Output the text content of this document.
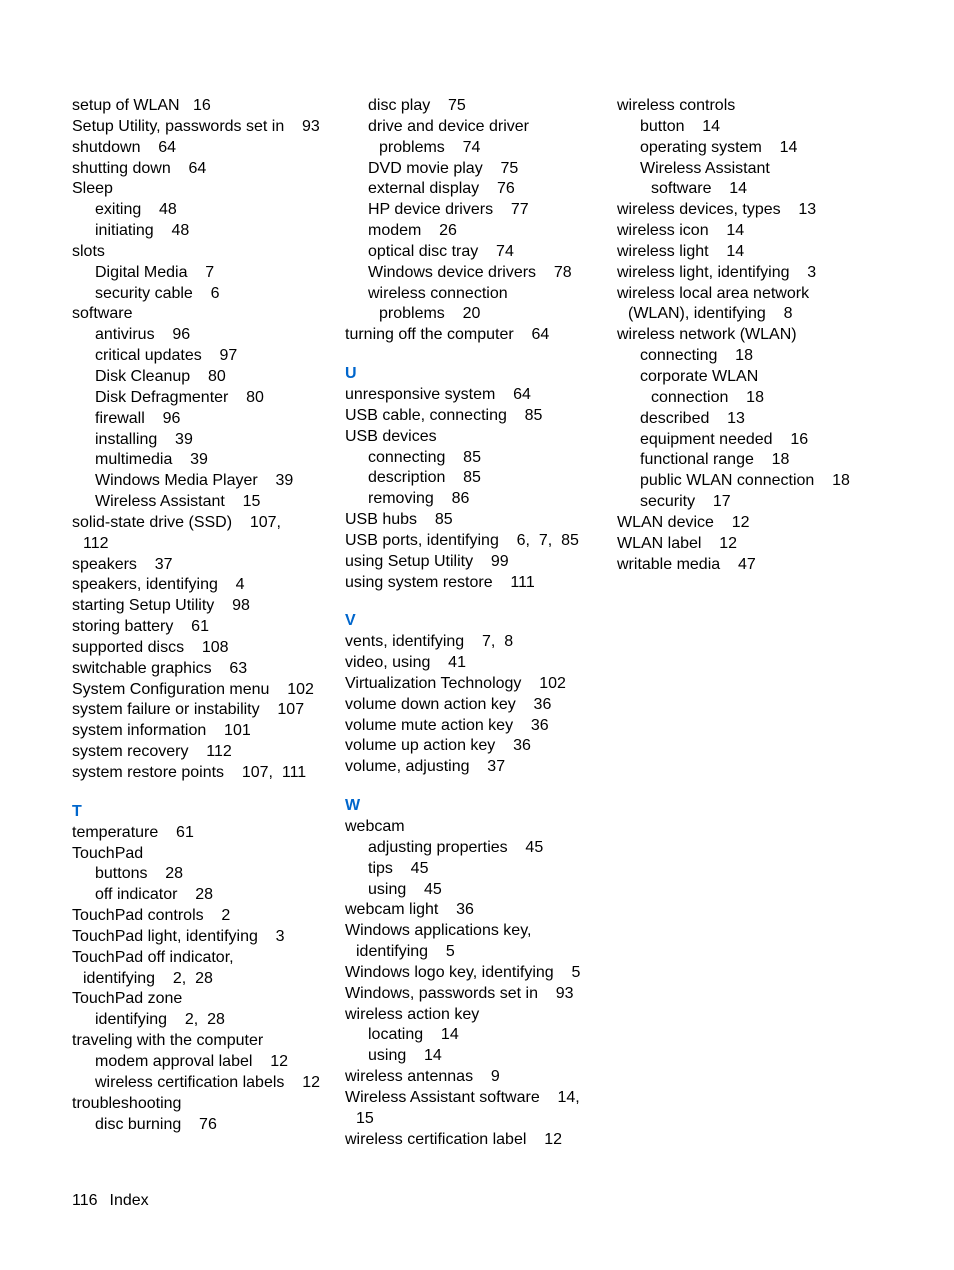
setup of WLAN   16
Setup Utility, passwords set in    93
shutdown    64
shutting down    64
Sleep
exiting    48
initiating    48
slots
Digital Media    7
security cable    6
software
antivirus    96
critical updates    97
Disk Cleanup    80
Disk Defragmenter    80
firewall    96
installing    39
multimedia    39
Windows Media Player    39
Wireless Assistant    15
solid-state drive (SSD)    107,
112
speakers    37
speakers, identifying    4
starting Setup Utility    98
storing battery    61
supported discs    108
switchable graphics    63
System Configuration menu    102
system failure or instability    107
system information    101
system recovery    112
system restore points    107,  111
T
temperature    61
TouchPad
buttons    28
off indicator    28
TouchPad controls    2
TouchPad light, identifying    3
TouchPad off indicator,
identifying    2,  28
TouchPad zone
identifying    2,  28
traveling with the computer
modem approval label    12
wireless certification labels    12
troubleshooting
disc burning    76
disc play    75
drive and device driver
problems    74
DVD movie play    75
external display    76
HP device drivers    77
modem    26
optical disc tray    74
Windows device drivers    78
wireless connection
problems    20
turning off the computer    64
U
unresponsive system    64
USB cable, connecting    85
USB devices
connecting    85
description    85
removing    86
USB hubs    85
USB ports, identifying    6,  7,  85
using Setup Utility    99
using system restore    111
V
vents, identifying    7,  8
video, using    41
Virtualization Technology    102
volume down action key    36
volume mute action key    36
volume up action key    36
volume, adjusting    37
W
webcam
adjusting properties    45
tips    45
using    45
webcam light    36
Windows applications key,
identifying    5
Windows logo key, identifying    5
Windows, passwords set in    93
wireless action key
locating    14
using    14
wireless antennas    9
Wireless Assistant software    14,
15
wireless certification label    12
wireless controls
button    14
operating system    14
Wireless Assistant
software    14
wireless devices, types    13
wireless icon    14
wireless light    14
wireless light, identifying    3
wireless local area network
(WLAN), identifying    8
wireless network (WLAN)
connecting    18
corporate WLAN
connection    18
described    13
equipment needed    16
functional range    18
public WLAN connection    18
security    17
WLAN device    12
WLAN label    12
writable media    47
116 Index
